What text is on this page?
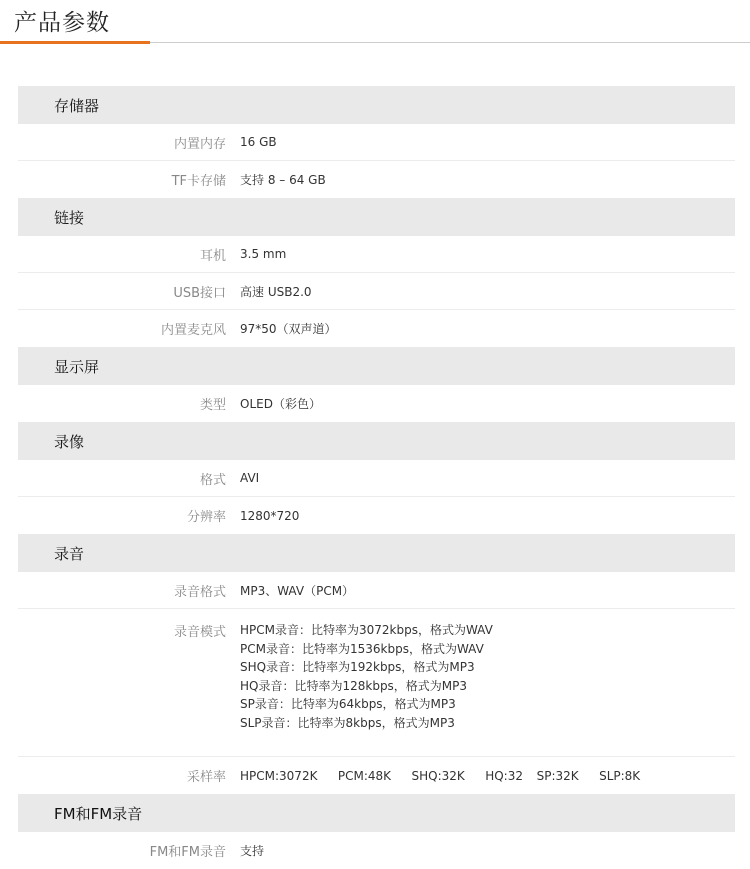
产品参数
存储器
内置内存	16 GB
TF卡存储	支持 8 – 64 GB
链接
耳机	3.5 mm
USB接口	高速 USB2.0
内置麦克风	97*50（双声道）
显示屏
类型	OLED（彩色）
录像
格式	AVI
分辨率	1280*720
录音
录音格式	MP3、WAV（PCM）
录音模式	HPCM录音：比特率为3072kbps，格式为WAV
PCM录音：比特率为1536kbps，格式为WAV
SHQ录音：比特率为192kbps，格式为MP3
HQ录音：比特率为128kbps，格式为MP3
SP录音：比特率为64kbps，格式为MP3
SLP录音：比特率为8kbps，格式为MP3
采样率	HPCM:3072K   PCM:48K   SHQ:32K   HQ:32  SP:32K   SLP:8K
FM和FM录音
FM和FM录音	支持
